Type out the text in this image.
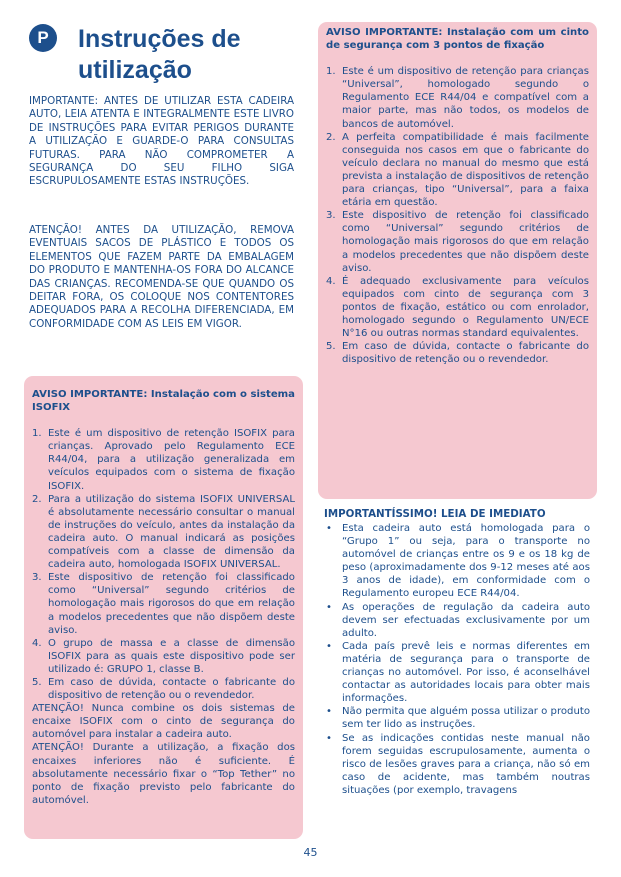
P	Instruções de utilização

IMPORTANTE: ANTES DE UTILIZAR ESTA CADEIRA AUTO, LEIA ATENTA E INTEGRALMENTE ESTE LIVRO DE INSTRUÇÕES PARA EVITAR PERIGOS DURANTE A UTILIZAÇÃO E GUARDE-O PARA CONSULTAS FUTURAS. PARA NÃO COMPROMETER A SEGURANÇA DO SEU FILHO SIGA ESCRUPULOSAMENTE ESTAS INSTRUÇÕES.

ATENÇÃO! ANTES DA UTILIZAÇÃO, REMOVA EVENTUAIS SACOS DE PLÁSTICO E TODOS OS ELEMENTOS QUE FAZEM PARTE DA EMBALAGEM DO PRODUTO E MANTENHA-OS FORA DO ALCANCE DAS CRIANÇAS. RECOMENDA-SE QUE QUANDO OS DEITAR FORA, OS COLOQUE NOS CONTENTORES ADEQUADOS PARA A RECOLHA DIFERENCIADA, EM CONFORMIDADE COM AS LEIS EM VIGOR.

AVISO IMPORTANTE: Instalação com o sistema ISOFIX

1. Este é um dispositivo de retenção ISOFIX para crianças. Aprovado pelo Regulamento ECE R44/04, para a utilização generalizada em veículos equipados com o sistema de fixação ISOFIX.
2. Para a utilização do sistema ISOFIX UNIVERSAL é absolutamente necessário consultar o manual de instruções do veículo, antes da instalação da cadeira auto. O manual indicará as posições compatíveis com a classe de dimensão da cadeira auto, homologada ISOFIX UNIVERSAL.
3. Este dispositivo de retenção foi classificado como “Universal” segundo critérios de homologação mais rigorosos do que em relação a modelos precedentes que não dispõem deste aviso.
4. O grupo de massa e a classe de dimensão ISOFIX para as quais este dispositivo pode ser utilizado é: GRUPO 1, classe B.
5. Em caso de dúvida, contacte o fabricante do dispositivo de retenção ou o revendedor.

ATENÇÃO! Nunca combine os dois sistemas de encaixe ISOFIX com o cinto de segurança do automóvel para instalar a cadeira auto.

ATENÇÃO! Durante a utilização, a fixação dos encaixes inferiores não é suficiente. É absolutamente necessário fixar o “Top Tether” no ponto de fixação previsto pelo fabricante do automóvel.

AVISO IMPORTANTE: Instalação com um cinto de segurança com 3 pontos de fixação

1. Este é um dispositivo de retenção para crianças “Universal”, homologado segundo o Regulamento ECE R44/04 e compatível com a maior parte, mas não todos, os modelos de bancos de automóvel.
2. A perfeita compatibilidade é mais facilmente conseguida nos casos em que o fabricante do veículo declara no manual do mesmo que está prevista a instalação de dispositivos de retenção para crianças, tipo “Universal”, para a faixa etária em questão.
3. Este dispositivo de retenção foi classificado como “Universal” segundo critérios de homologação mais rigorosos do que em relação a modelos precedentes que não dispõem deste aviso.
4. É adequado exclusivamente para veículos equipados com cinto de segurança com 3 pontos de fixação, estático ou com enrolador, homologado segundo o Regulamento UN/ECE N°16 ou outras normas standard equivalentes.
5. Em caso de dúvida, contacte o fabricante do dispositivo de retenção ou o revendedor.

IMPORTANTÍSSIMO! LEIA DE IMEDIATO

• Esta cadeira auto está homologada para o “Grupo 1” ou seja, para o transporte no automóvel de crianças entre os 9 e os 18 kg de peso (aproximadamente dos 9-12 meses até aos 3 anos de idade), em conformidade com o Regulamento europeu ECE R44/04.
• As operações de regulação da cadeira auto devem ser efectuadas exclusivamente por um adulto.
• Cada país prevê leis e normas diferentes em matéria de segurança para o transporte de crianças no automóvel. Por isso, é aconselhável contactar as autoridades locais para obter mais informações.
• Não permita que alguém possa utilizar o produto sem ter lido as instruções.
• Se as indicações contidas neste manual não forem seguidas escrupulosamente, aumenta o risco de lesões graves para a criança, não só em caso de acidente, mas também noutras situações (por exemplo, travagens
45
